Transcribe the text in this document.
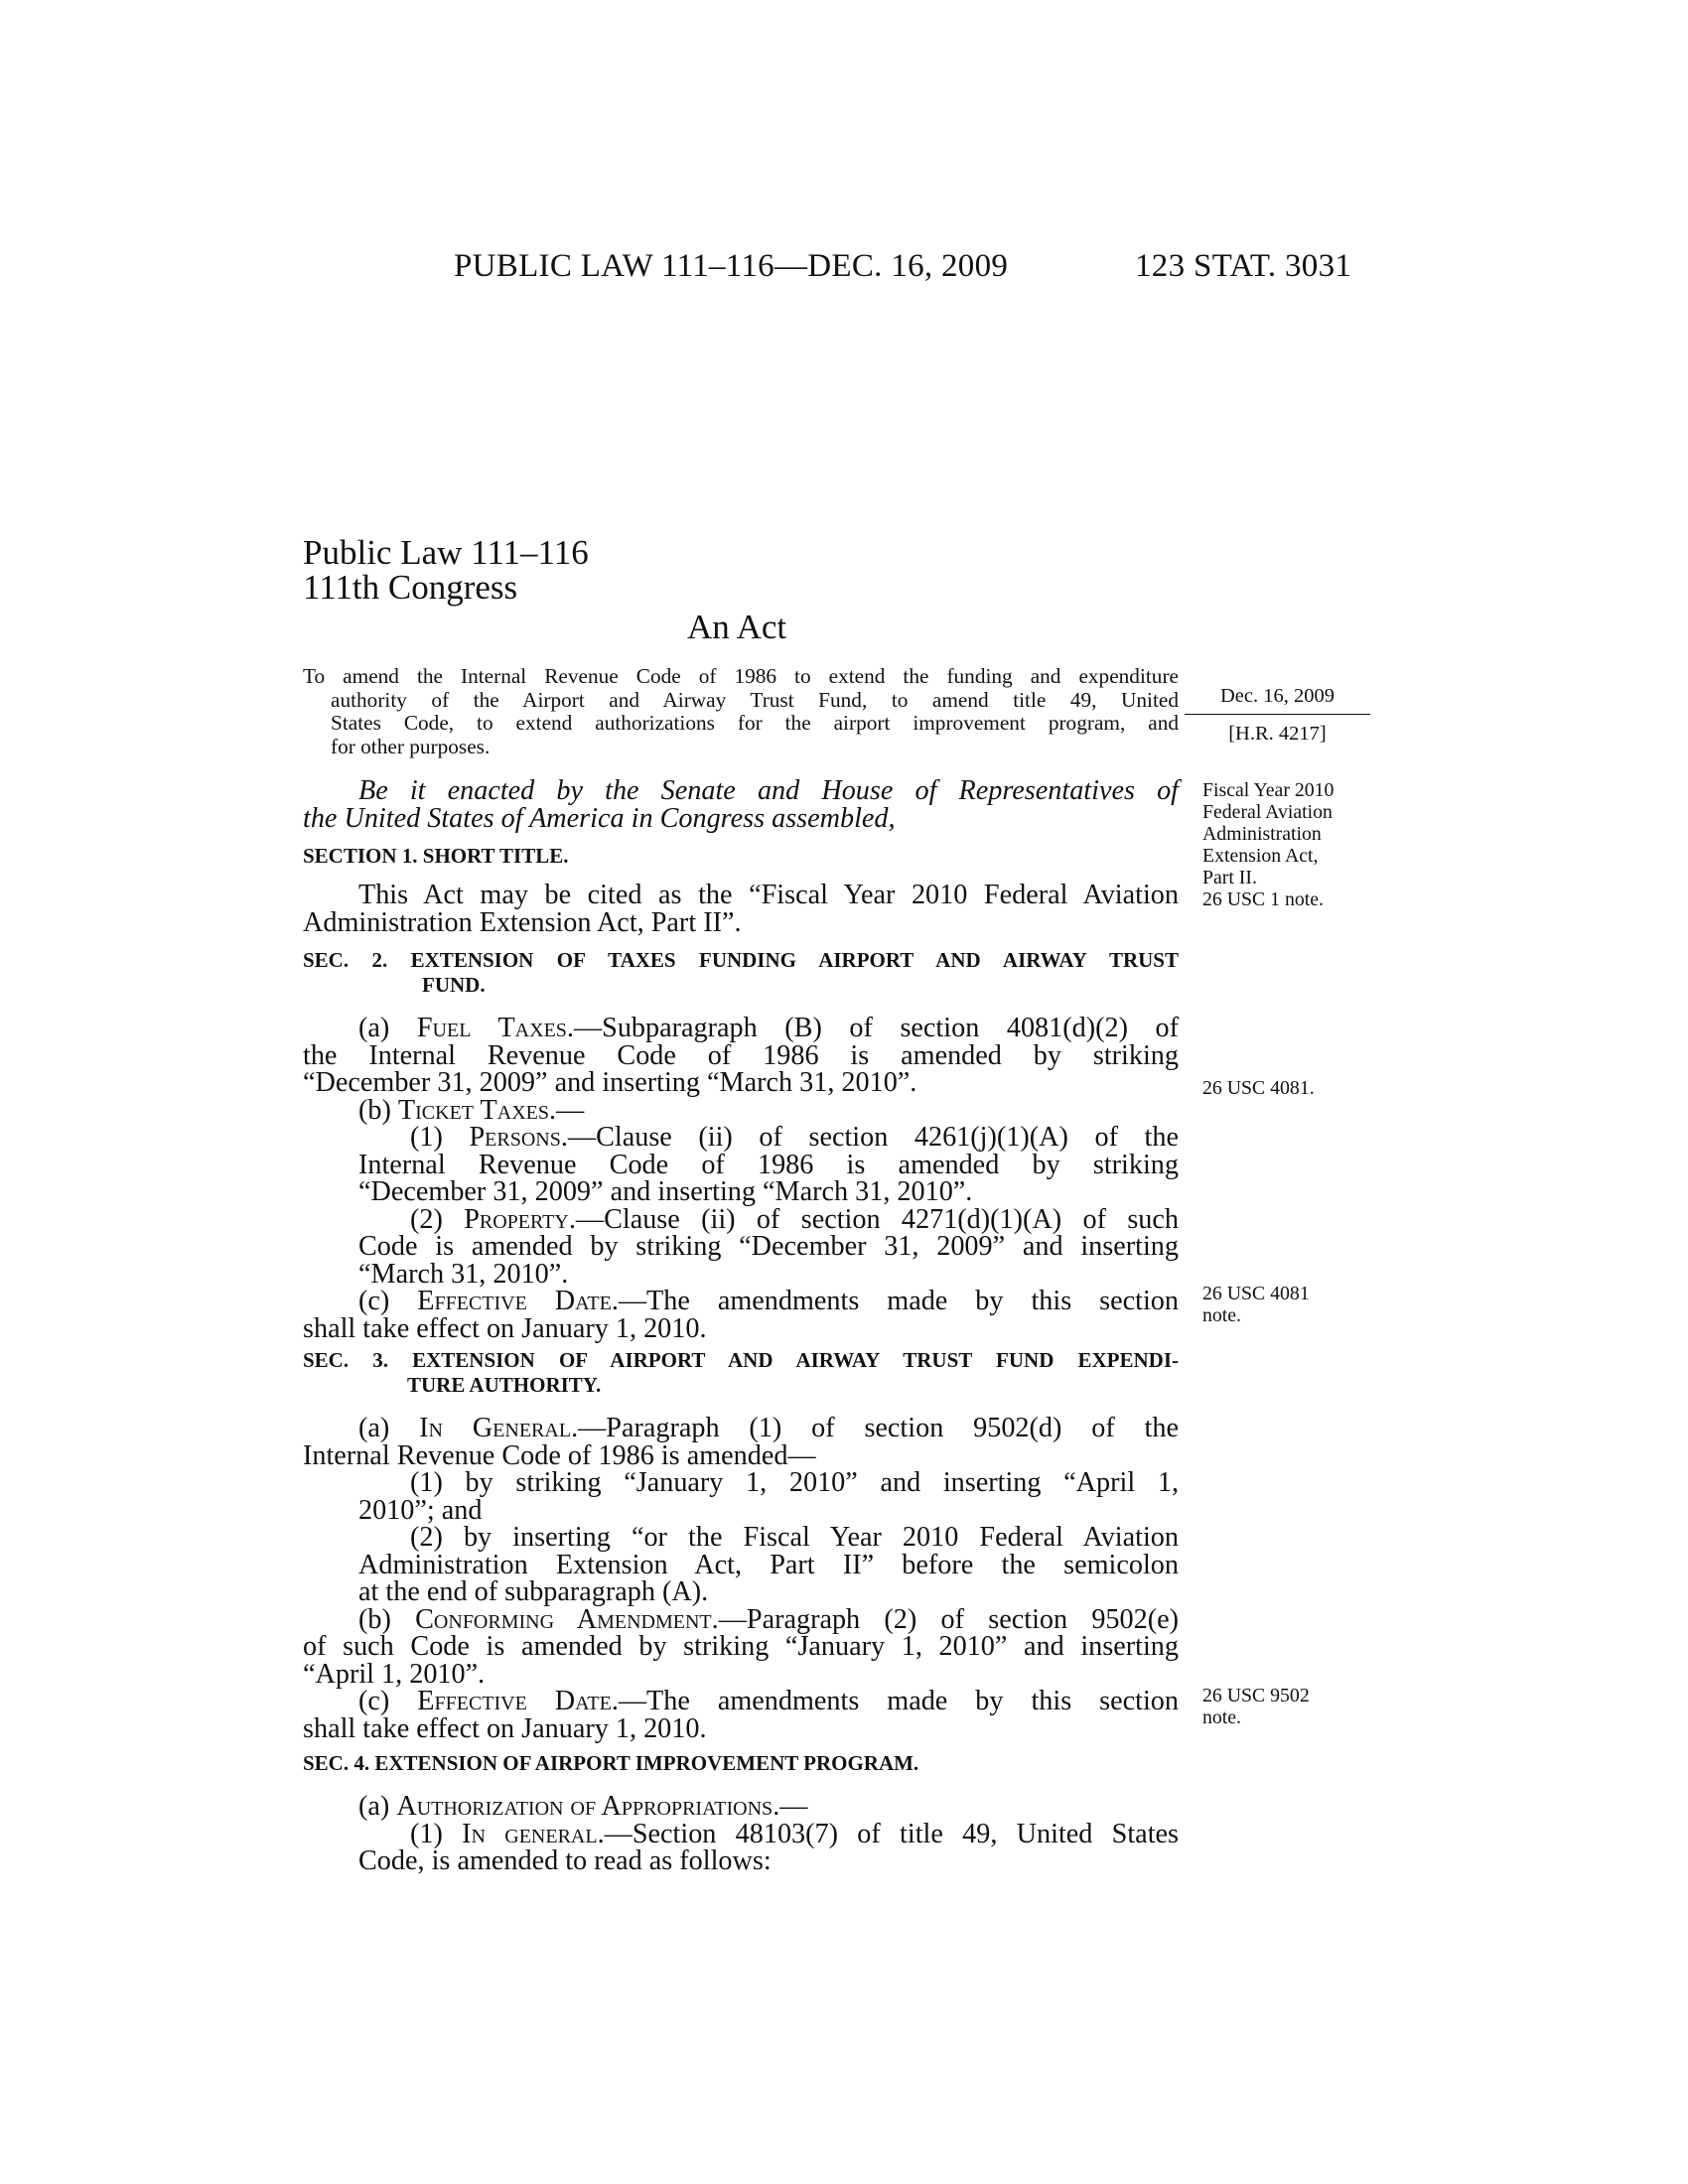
PUBLIC LAW 111–116—DEC. 16, 2009	123 STAT. 3031
Public Law 111–116
111th Congress
An Act
To amend the Internal Revenue Code of 1986 to extend the funding and expenditure
authority of the Airport and Airway Trust Fund, to amend title 49, United
States Code, to extend authorizations for the airport improvement program, and
for other purposes.
Dec. 16, 2009
[H.R. 4217]
Fiscal Year 2010
Federal Aviation
Administration
Extension Act,
Part II.
26 USC 1 note.
26 USC 4081.
26 USC 4081
note.
26 USC 9502
note.
Be it enacted by the Senate and House of Representatives of
the United States of America in Congress assembled,
SECTION 1. SHORT TITLE.
This Act may be cited as the “Fiscal Year 2010 Federal Aviation
Administration Extension Act, Part II”.
SEC. 2. EXTENSION OF TAXES FUNDING AIRPORT AND AIRWAY TRUST
FUND.
(a) Fuel Taxes.—Subparagraph (B) of section 4081(d)(2) of
the Internal Revenue Code of 1986 is amended by striking
“December 31, 2009” and inserting “March 31, 2010”.
(b) Ticket Taxes.—
(1) Persons.—Clause (ii) of section 4261(j)(1)(A) of the
Internal Revenue Code of 1986 is amended by striking
“December 31, 2009” and inserting “March 31, 2010”.
(2) Property.—Clause (ii) of section 4271(d)(1)(A) of such
Code is amended by striking “December 31, 2009” and inserting
“March 31, 2010”.
(c) Effective Date.—The amendments made by this section
shall take effect on January 1, 2010.
SEC. 3. EXTENSION OF AIRPORT AND AIRWAY TRUST FUND EXPENDI-
TURE AUTHORITY.
(a) In General.—Paragraph (1) of section 9502(d) of the
Internal Revenue Code of 1986 is amended—
(1) by striking “January 1, 2010” and inserting “April 1,
2010”; and
(2) by inserting “or the Fiscal Year 2010 Federal Aviation
Administration Extension Act, Part II” before the semicolon
at the end of subparagraph (A).
(b) Conforming Amendment.—Paragraph (2) of section 9502(e)
of such Code is amended by striking “January 1, 2010” and inserting
“April 1, 2010”.
(c) Effective Date.—The amendments made by this section
shall take effect on January 1, 2010.
SEC. 4. EXTENSION OF AIRPORT IMPROVEMENT PROGRAM.
(a) Authorization of Appropriations.—
(1) In general.—Section 48103(7) of title 49, United States
Code, is amended to read as follows:
